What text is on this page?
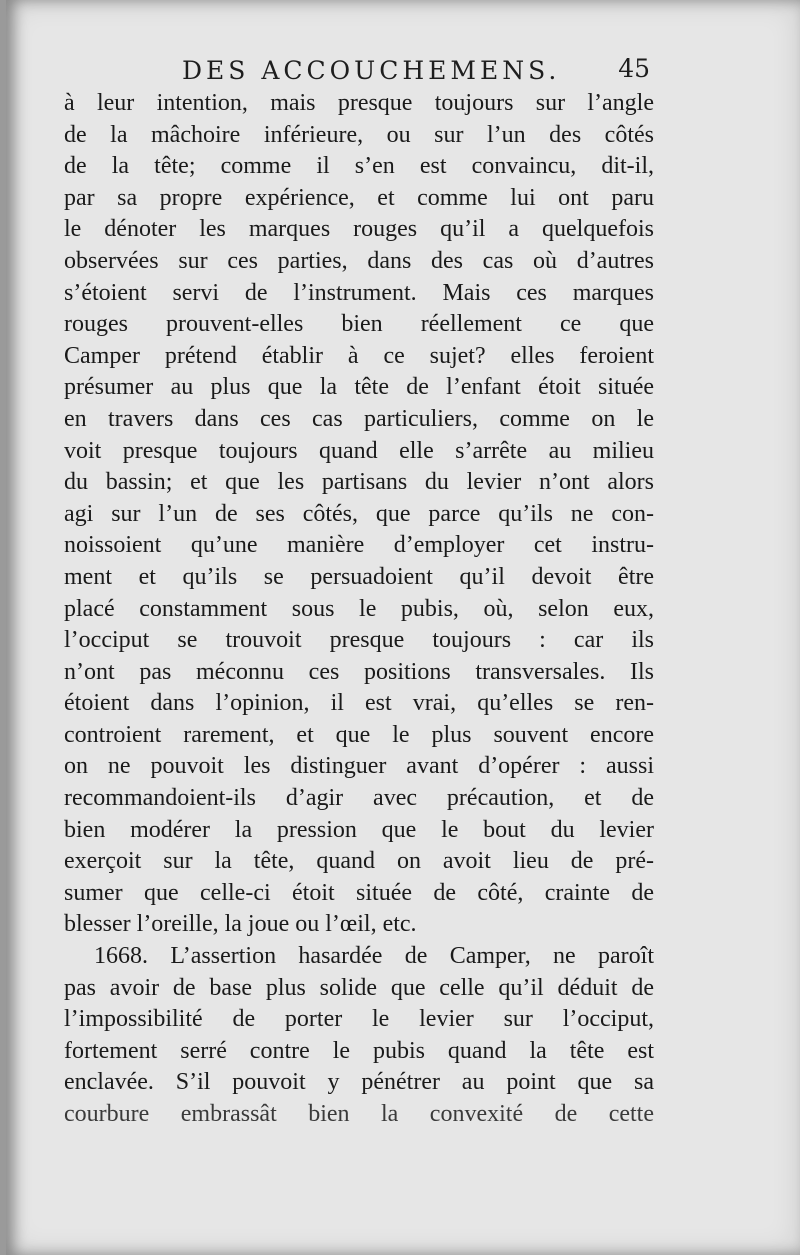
DES ACCOUCHEMENS. 45
à leur intention, mais presque toujours sur l’angle
de la mâchoire inférieure, ou sur l’un des côtés
de la tête; comme il s’en est convaincu, dit-il,
par sa propre expérience, et comme lui ont paru
le dénoter les marques rouges qu’il a quelquefois
observées sur ces parties, dans des cas où d’autres
s’étoient servi de l’instrument. Mais ces marques
rouges prouvent-elles bien réellement ce que
Camper prétend établir à ce sujet? elles feroient
présumer au plus que la tête de l’enfant étoit située
en travers dans ces cas particuliers, comme on le
voit presque toujours quand elle s’arrête au milieu
du bassin; et que les partisans du levier n’ont alors
agi sur l’un de ses côtés, que parce qu’ils ne con-
noissoient qu’une manière d’employer cet instru-
ment et qu’ils se persuadoient qu’il devoit être
placé constamment sous le pubis, où, selon eux,
l’occiput se trouvoit presque toujours : car ils
n’ont pas méconnu ces positions transversales. Ils
étoient dans l’opinion, il est vrai, qu’elles se ren-
controient rarement, et que le plus souvent encore
on ne pouvoit les distinguer avant d’opérer : aussi
recommandoient-ils d’agir avec précaution, et de
bien modérer la pression que le bout du levier
exerçoit sur la tête, quand on avoit lieu de pré-
sumer que celle-ci étoit située de côté, crainte de
blesser l’oreille, la joue ou l’œil, etc.
1668. L’assertion hasardée de Camper, ne paroît
pas avoir de base plus solide que celle qu’il déduit de
l’impossibilité de porter le levier sur l’occiput,
fortement serré contre le pubis quand la tête est
enclavée. S’il pouvoit y pénétrer au point que sa
courbure embrassât bien la convexité de cette
